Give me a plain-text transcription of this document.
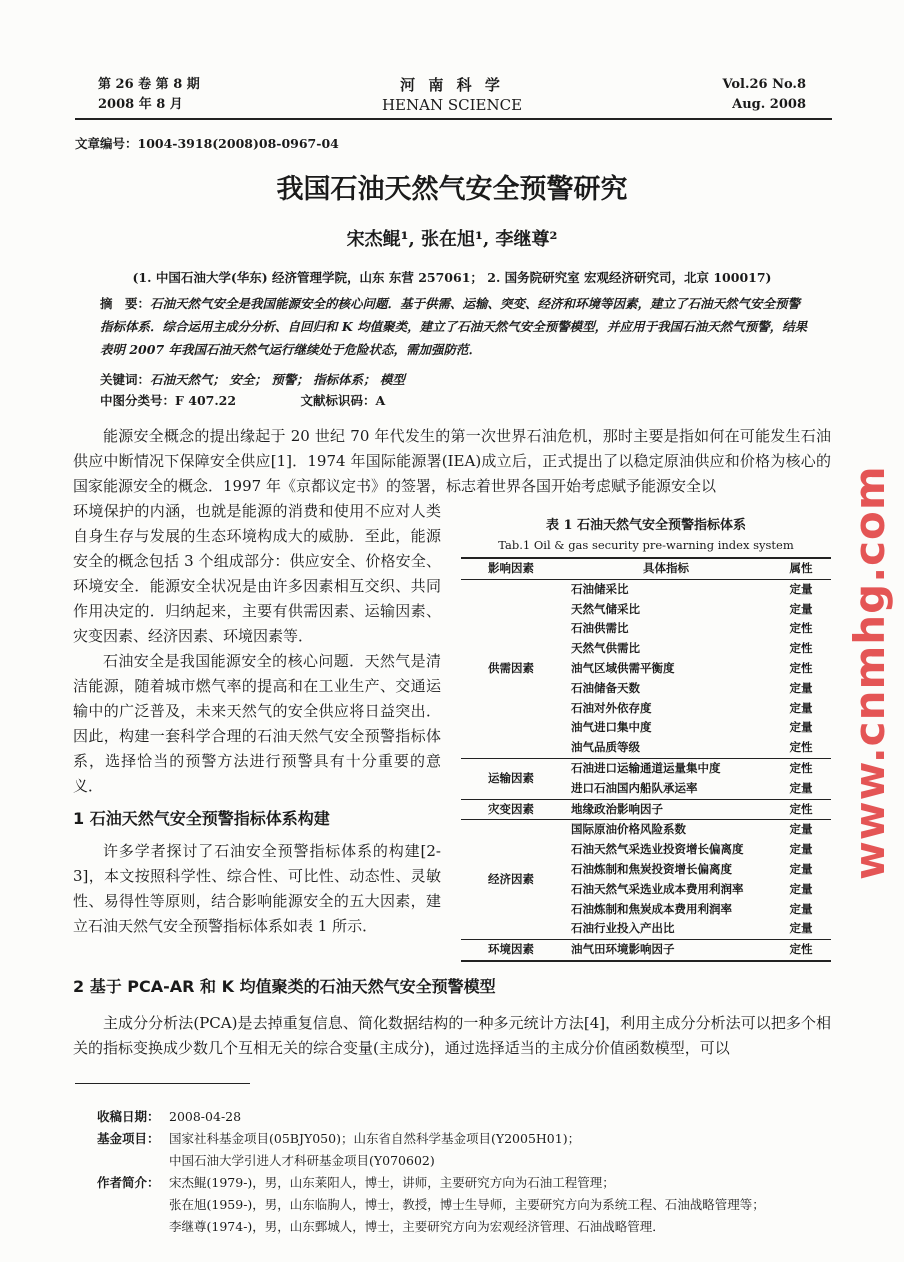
第 26 卷 第 8 期
2008 年 8 月
河 南 科 学
HENAN SCIENCE
Vol.26 No.8
Aug. 2008
文章编号：1004-3918(2008)08-0967-04
我国石油天然气安全预警研究
宋杰鲲¹, 张在旭¹, 李继尊²
(1. 中国石油大学(华东) 经济管理学院，山东 东营 257061； 2. 国务院研究室 宏观经济研究司，北京 100017)
摘　要：石油天然气安全是我国能源安全的核心问题．基于供需、运输、突变、经济和环境等因素，建立了石油天然气安全预警指标体系．综合运用主成分分析、自回归和 K 均值聚类，建立了石油天然气安全预警模型，并应用于我国石油天然气预警，结果表明 2007 年我国石油天然气运行继续处于危险状态，需加强防范．
关键词：石油天然气； 安全； 预警； 指标体系； 模型
中图分类号：F 407.22	文献标识码：A
能源安全概念的提出缘起于 20 世纪 70 年代发生的第一次世界石油危机，那时主要是指如何在可能发生石油供应中断情况下保障安全供应[1]．1974 年国际能源署(IEA)成立后，正式提出了以稳定原油供应和价格为核心的国家能源安全的概念．1997 年《京都议定书》的签署，标志着世界各国开始考虑赋予能源安全以
环境保护的内涵，也就是能源的消费和使用不应对人类自身生存与发展的生态环境构成大的威胁．至此，能源安全的概念包括 3 个组成部分：供应安全、价格安全、环境安全．能源安全状况是由许多因素相互交织、共同作用决定的．归纳起来，主要有供需因素、运输因素、灾变因素、经济因素、环境因素等．
石油安全是我国能源安全的核心问题．天然气是清洁能源，随着城市燃气率的提高和在工业生产、交通运输中的广泛普及，未来天然气的安全供应将日益突出．因此，构建一套科学合理的石油天然气安全预警指标体系，选择恰当的预警方法进行预警具有十分重要的意义．
1 石油天然气安全预警指标体系构建
许多学者探讨了石油安全预警指标体系的构建[2-3]，本文按照科学性、综合性、可比性、动态性、灵敏性、易得性等原则，结合影响能源安全的五大因素，建立石油天然气安全预警指标体系如表 1 所示．
表 1 石油天然气安全预警指标体系
Tab.1 Oil & gas security pre-warning index system
影响因素	具体指标	属性
供需因素	石油储采比	定量
	天然气储采比	定量
	石油供需比	定性
	天然气供需比	定性
	油气区域供需平衡度	定性
	石油储备天数	定量
	石油对外依存度	定量
	油气进口集中度	定量
	油气品质等级	定性
运输因素	石油进口运输通道运量集中度	定性
	进口石油国内船队承运率	定量
灾变因素	地缘政治影响因子	定性
经济因素	国际原油价格风险系数	定量
	石油天然气采选业投资增长偏离度	定量
	石油炼制和焦炭投资增长偏离度	定量
	石油天然气采选业成本费用利润率	定量
	石油炼制和焦炭成本费用利润率	定量
	石油行业投入产出比	定量
环境因素	油气田环境影响因子	定性
2 基于 PCA-AR 和 K 均值聚类的石油天然气安全预警模型
主成分分析法(PCA)是去掉重复信息、简化数据结构的一种多元统计方法[4]，利用主成分分析法可以把多个相关的指标变换成少数几个互相无关的综合变量(主成分)，通过选择适当的主成分价值函数模型，可以
收稿日期： 2008-04-28
基金项目： 国家社科基金项目(05BJY050)；山东省自然科学基金项目(Y2005H01)；
中国石油大学引进人才科研基金项目(Y070602)
作者简介： 宋杰鲲(1979-)，男，山东莱阳人，博士，讲师，主要研究方向为石油工程管理；
张在旭(1959-)，男，山东临朐人，博士，教授，博士生导师，主要研究方向为系统工程、石油战略管理等；
李继尊(1974-)，男，山东鄄城人，博士，主要研究方向为宏观经济管理、石油战略管理．
www.cnmhg.com
